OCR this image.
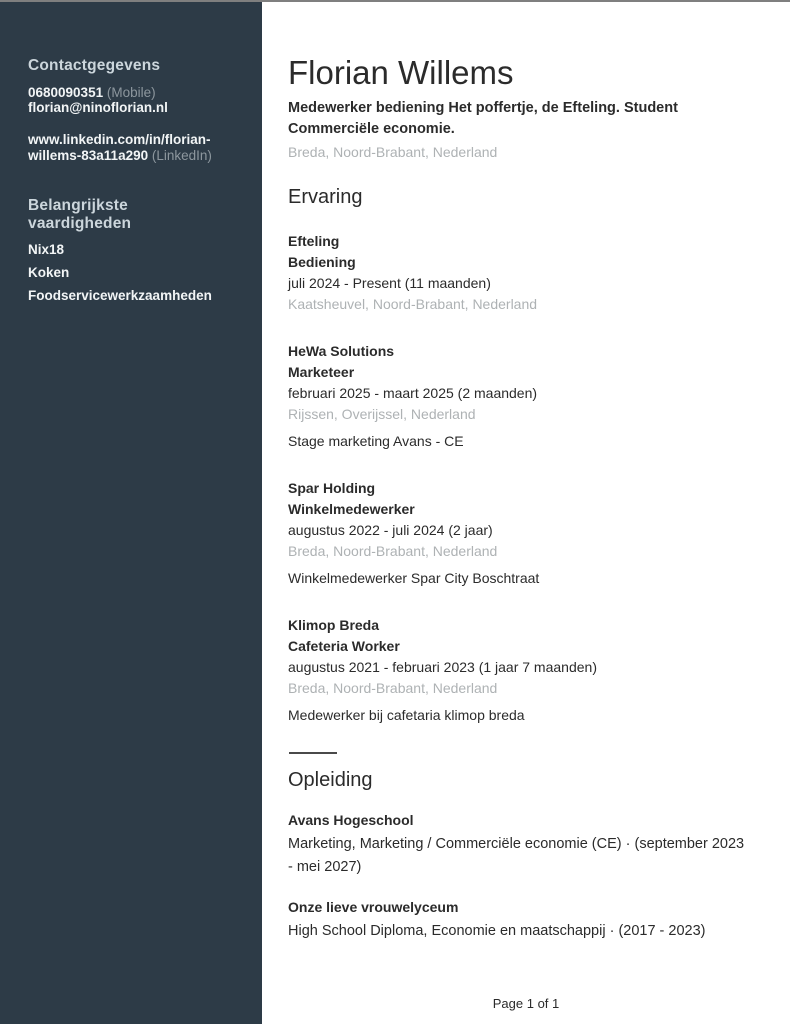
Contactgegevens
0680090351 (Mobile)
florian@ninoflorian.nl
www.linkedin.com/in/florian-willems-83a11a290 (LinkedIn)
Belangrijkste vaardigheden
Nix18
Koken
Foodservicewerkzaamheden
Florian Willems

Medewerker bediening Het poffertje, de Efteling. Student Commerciële economie.

Breda, Noord-Brabant, Nederland

Ervaring
Efteling
Bediening
juli 2024 - Present (11 maanden)
Kaatsheuvel, Noord-Brabant, Nederland
HeWa Solutions
Marketeer
februari 2025 - maart 2025 (2 maanden)
Rijssen, Overijssel, Nederland
Stage marketing Avans - CE
Spar Holding
Winkelmedewerker
augustus 2022 - juli 2024 (2 jaar)
Breda, Noord-Brabant, Nederland
Winkelmedewerker Spar City Boschtraat
Klimop Breda
Cafeteria Worker
augustus 2021 - februari 2023 (1 jaar 7 maanden)
Breda, Noord-Brabant, Nederland
Medewerker bij cafetaria klimop breda
Opleiding
Avans Hogeschool
Marketing, Marketing / Commerciële economie (CE) · (september 2023 - mei 2027)
Onze lieve vrouwelyceum
High School Diploma, Economie en maatschappij · (2017 - 2023)
Page 1 of 1
